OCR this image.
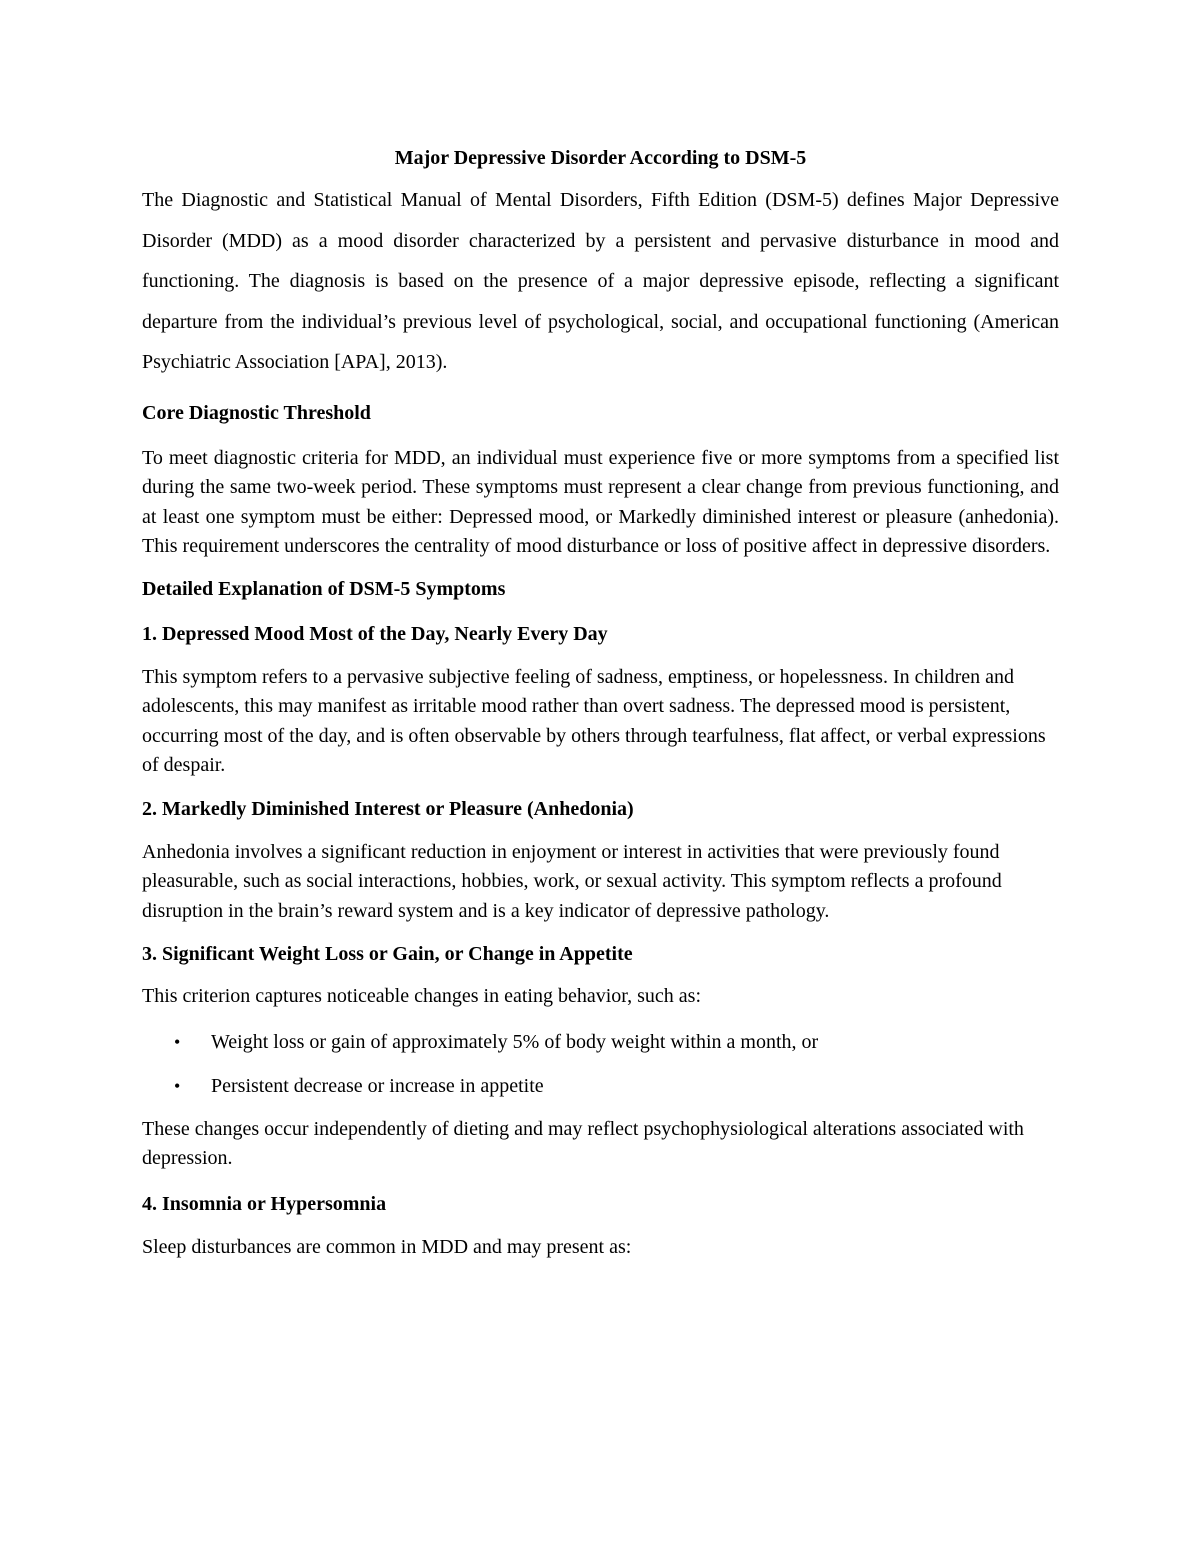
Major Depressive Disorder According to DSM-5

The Diagnostic and Statistical Manual of Mental Disorders, Fifth Edition (DSM-5) defines Major Depressive Disorder (MDD) as a mood disorder characterized by a persistent and pervasive disturbance in mood and functioning. The diagnosis is based on the presence of a major depressive episode, reflecting a significant departure from the individual’s previous level of psychological, social, and occupational functioning (American Psychiatric Association [APA], 2013).

Core Diagnostic Threshold

To meet diagnostic criteria for MDD, an individual must experience five or more symptoms from a specified list during the same two-week period. These symptoms must represent a clear change from previous functioning, and at least one symptom must be either: Depressed mood, or Markedly diminished interest or pleasure (anhedonia). This requirement underscores the centrality of mood disturbance or loss of positive affect in depressive disorders.

Detailed Explanation of DSM-5 Symptoms
1. Depressed Mood Most of the Day, Nearly Every Day

This symptom refers to a pervasive subjective feeling of sadness, emptiness, or hopelessness. In children and adolescents, this may manifest as irritable mood rather than overt sadness. The depressed mood is persistent, occurring most of the day, and is often observable by others through tearfulness, flat affect, or verbal expressions of despair.

2. Markedly Diminished Interest or Pleasure (Anhedonia)

Anhedonia involves a significant reduction in enjoyment or interest in activities that were previously found pleasurable, such as social interactions, hobbies, work, or sexual activity. This symptom reflects a profound disruption in the brain’s reward system and is a key indicator of depressive pathology.

3. Significant Weight Loss or Gain, or Change in Appetite

This criterion captures noticeable changes in eating behavior, such as:

• Weight loss or gain of approximately 5% of body weight within a month, or
• Persistent decrease or increase in appetite

These changes occur independently of dieting and may reflect psychophysiological alterations associated with depression.

4. Insomnia or Hypersomnia

Sleep disturbances are common in MDD and may present as:
